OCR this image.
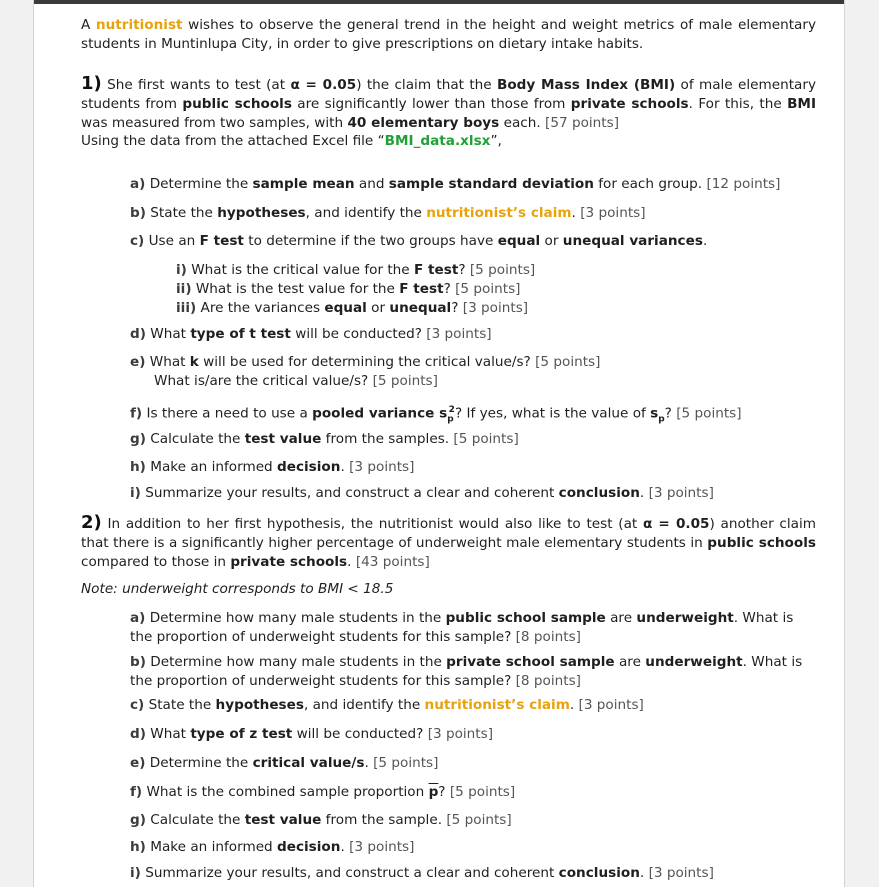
A nutritionist wishes to observe the general trend in the height and weight metrics of male elementary students in Muntinlupa City, in order to give prescriptions on dietary intake habits.

1) She first wants to test (at α = 0.05) the claim that the Body Mass Index (BMI) of male elementary students from public schools are significantly lower than those from private schools. For this, the BMI was measured from two samples, with 40 elementary boys each. [57 points]
Using the data from the attached Excel file “BMI_data.xlsx”,

a) Determine the sample mean and sample standard deviation for each group. [12 points]

b) State the hypotheses, and identify the nutritionist’s claim. [3 points]

c) Use an F test to determine if the two groups have equal or unequal variances.

i) What is the critical value for the F test? [5 points]
ii) What is the test value for the F test? [5 points]
iii) Are the variances equal or unequal? [3 points]

d) What type of t test will be conducted? [3 points]

e) What k will be used for determining the critical value/s? [5 points]
What is/are the critical value/s? [5 points]

f) Is there a need to use a pooled variance $s_p^2$? If yes, what is the value of $s_p$? [5 points]

g) Calculate the test value from the samples. [5 points]

h) Make an informed decision. [3 points]

i) Summarize your results, and construct a clear and coherent conclusion. [3 points]

2) In addition to her first hypothesis, the nutritionist would also like to test (at α = 0.05) another claim that there is a significantly higher percentage of underweight male elementary students in public schools compared to those in private schools. [43 points]

Note: underweight corresponds to BMI < 18.5

a) Determine how many male students in the public school sample are underweight. What is the proportion of underweight students for this sample? [8 points]

b) Determine how many male students in the private school sample are underweight. What is the proportion of underweight students for this sample? [8 points]

c) State the hypotheses, and identify the nutritionist’s claim. [3 points]

d) What type of z test will be conducted? [3 points]

e) Determine the critical value/s. [5 points]

f) What is the combined sample proportion $\overline{p}$? [5 points]

g) Calculate the test value from the sample. [5 points]

h) Make an informed decision. [3 points]

i) Summarize your results, and construct a clear and coherent conclusion. [3 points]
